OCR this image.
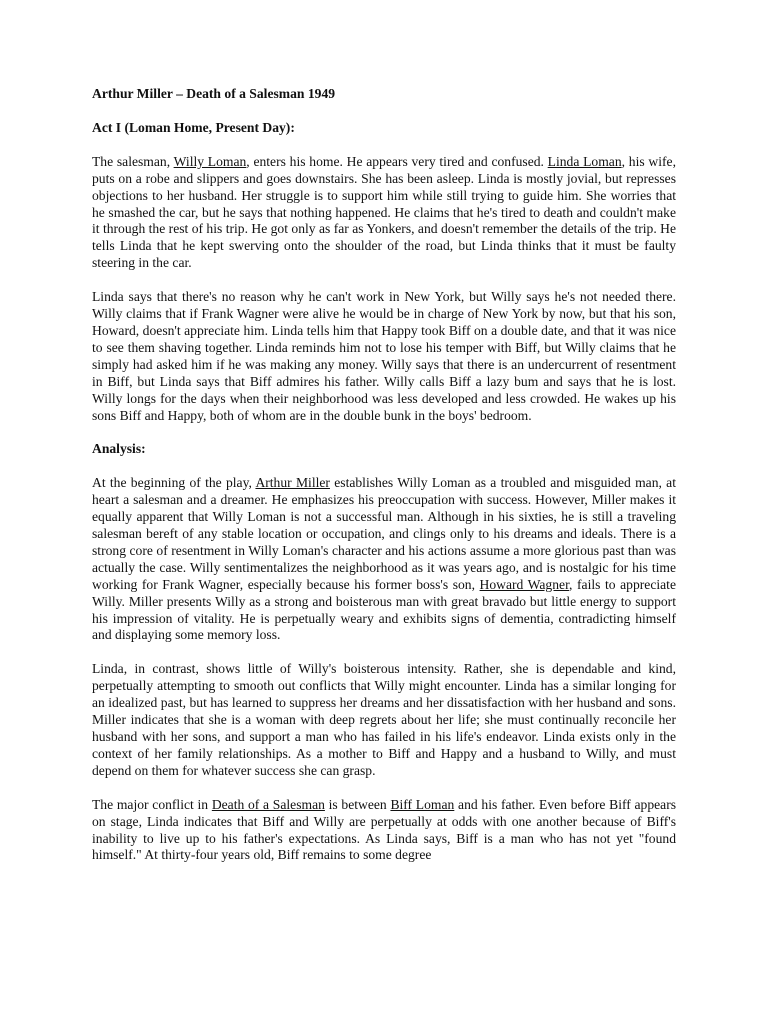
Arthur Miller – Death of a Salesman 1949

Act I (Loman Home, Present Day):

The salesman, Willy Loman, enters his home. He appears very tired and confused. Linda Loman, his wife, puts on a robe and slippers and goes downstairs. She has been asleep. Linda is mostly jovial, but represses objections to her husband. Her struggle is to support him while still trying to guide him. She worries that he smashed the car, but he says that nothing happened. He claims that he's tired to death and couldn't make it through the rest of his trip. He got only as far as Yonkers, and doesn't remember the details of the trip. He tells Linda that he kept swerving onto the shoulder of the road, but Linda thinks that it must be faulty steering in the car.

Linda says that there's no reason why he can't work in New York, but Willy says he's not needed there. Willy claims that if Frank Wagner were alive he would be in charge of New York by now, but that his son, Howard, doesn't appreciate him. Linda tells him that Happy took Biff on a double date, and that it was nice to see them shaving together. Linda reminds him not to lose his temper with Biff, but Willy claims that he simply had asked him if he was making any money. Willy says that there is an undercurrent of resentment in Biff, but Linda says that Biff admires his father. Willy calls Biff a lazy bum and says that he is lost. Willy longs for the days when their neighborhood was less developed and less crowded. He wakes up his sons Biff and Happy, both of whom are in the double bunk in the boys' bedroom.

Analysis:

At the beginning of the play, Arthur Miller establishes Willy Loman as a troubled and misguided man, at heart a salesman and a dreamer. He emphasizes his preoccupation with success. However, Miller makes it equally apparent that Willy Loman is not a successful man. Although in his sixties, he is still a traveling salesman bereft of any stable location or occupation, and clings only to his dreams and ideals. There is a strong core of resentment in Willy Loman's character and his actions assume a more glorious past than was actually the case. Willy sentimentalizes the neighborhood as it was years ago, and is nostalgic for his time working for Frank Wagner, especially because his former boss's son, Howard Wagner, fails to appreciate Willy. Miller presents Willy as a strong and boisterous man with great bravado but little energy to support his impression of vitality. He is perpetually weary and exhibits signs of dementia, contradicting himself and displaying some memory loss.

Linda, in contrast, shows little of Willy's boisterous intensity. Rather, she is dependable and kind, perpetually attempting to smooth out conflicts that Willy might encounter. Linda has a similar longing for an idealized past, but has learned to suppress her dreams and her dissatisfaction with her husband and sons. Miller indicates that she is a woman with deep regrets about her life; she must continually reconcile her husband with her sons, and support a man who has failed in his life's endeavor. Linda exists only in the context of her family relationships. As a mother to Biff and Happy and a husband to Willy, and must depend on them for whatever success she can grasp.

The major conflict in Death of a Salesman is between Biff Loman and his father. Even before Biff appears on stage, Linda indicates that Biff and Willy are perpetually at odds with one another because of Biff's inability to live up to his father's expectations. As Linda says, Biff is a man who has not yet "found himself." At thirty-four years old, Biff remains to some degree
